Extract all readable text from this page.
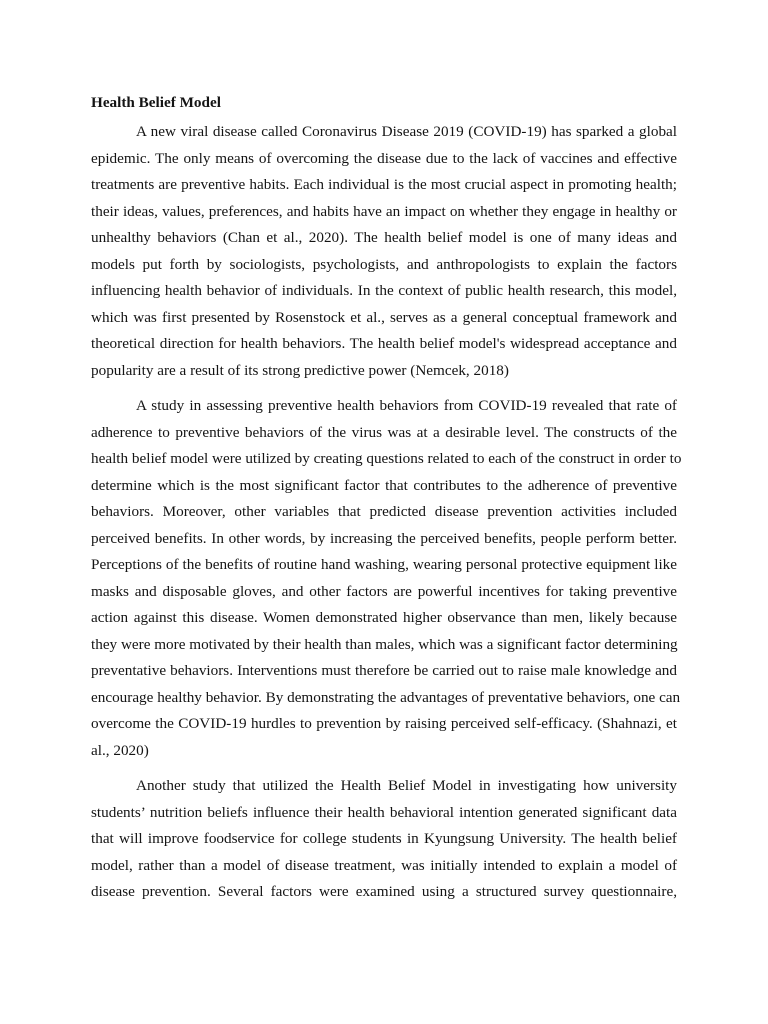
Health Belief Model
A new viral disease called Coronavirus Disease 2019 (COVID-19) has sparked a global
epidemic. The only means of overcoming the disease due to the lack of vaccines and effective
treatments are preventive habits. Each individual is the most crucial aspect in promoting health;
their ideas, values, preferences, and habits have an impact on whether they engage in healthy or
unhealthy behaviors (Chan et al., 2020). The health belief model is one of many ideas and
models put forth by sociologists, psychologists, and anthropologists to explain the factors
influencing health behavior of individuals. In the context of public health research, this model,
which was first presented by Rosenstock et al., serves as a general conceptual framework and
theoretical direction for health behaviors. The health belief model's widespread acceptance and
popularity are a result of its strong predictive power (Nemcek, 2018)
A study in assessing preventive health behaviors from COVID-19 revealed that rate of
adherence to preventive behaviors of the virus was at a desirable level. The constructs of the
health belief model were utilized by creating questions related to each of the construct in order to
determine which is the most significant factor that contributes to the adherence of preventive
behaviors. Moreover, other variables that predicted disease prevention activities included
perceived benefits. In other words, by increasing the perceived benefits, people perform better.
Perceptions of the benefits of routine hand washing, wearing personal protective equipment like
masks and disposable gloves, and other factors are powerful incentives for taking preventive
action against this disease. Women demonstrated higher observance than men, likely because
they were more motivated by their health than males, which was a significant factor determining
preventative behaviors. Interventions must therefore be carried out to raise male knowledge and
encourage healthy behavior. By demonstrating the advantages of preventative behaviors, one can
overcome the COVID-19 hurdles to prevention by raising perceived self-efficacy. (Shahnazi, et
al., 2020)
Another study that utilized the Health Belief Model in investigating how university
students’ nutrition beliefs influence their health behavioral intention generated significant data
that will improve foodservice for college students in Kyungsung University. The health belief
model, rather than a model of disease treatment, was initially intended to explain a model of
disease prevention. Several factors were examined using a structured survey questionnaire,
